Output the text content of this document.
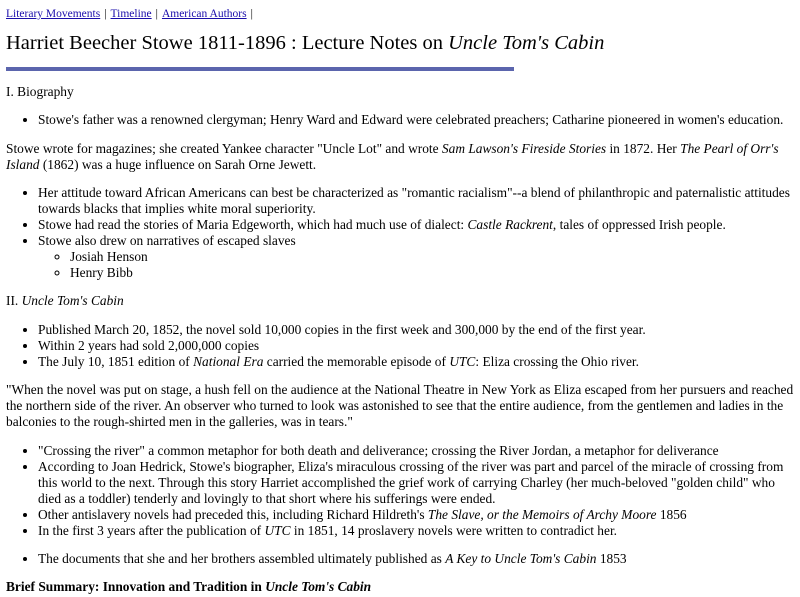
Literary Movements | Timeline | American Authors |
Harriet Beecher Stowe 1811-1896 : Lecture Notes on Uncle Tom's Cabin

I. Biography

• Stowe's father was a renowned clergyman; Henry Ward and Edward were celebrated preachers; Catharine pioneered in women's education.

Stowe wrote for magazines; she created Yankee character "Uncle Lot" and wrote Sam Lawson's Fireside Stories in 1872. Her The Pearl of Orr's Island (1862) was a huge influence on Sarah Orne Jewett.

• Her attitude toward African Americans can best be characterized as "romantic racialism"--a blend of philanthropic and paternalistic attitudes towards blacks that implies white moral superiority.
• Stowe had read the stories of Maria Edgeworth, which had much use of dialect: Castle Rackrent, tales of oppressed Irish people.
• Stowe also drew on narratives of escaped slaves
◦ Josiah Henson
◦ Henry Bibb

II. Uncle Tom's Cabin

• Published March 20, 1852, the novel sold 10,000 copies in the first week and 300,000 by the end of the first year.
• Within 2 years had sold 2,000,000 copies
• The July 10, 1851 edition of National Era carried the memorable episode of UTC: Eliza crossing the Ohio river.

"When the novel was put on stage, a hush fell on the audience at the National Theatre in New York as Eliza escaped from her pursuers and reached the northern side of the river. An observer who turned to look was astonished to see that the entire audience, from the gentlemen and ladies in the balconies to the rough-shirted men in the galleries, was in tears."

• "Crossing the river" a common metaphor for both death and deliverance; crossing the River Jordan, a metaphor for deliverance
• According to Joan Hedrick, Stowe's biographer, Eliza's miraculous crossing of the river was part and parcel of the miracle of crossing from this world to the next. Through this story Harriet accomplished the grief work of carrying Charley (her much-beloved "golden child" who died as a toddler) tenderly and lovingly to that short where his sufferings were ended.
• Other antislavery novels had preceded this, including Richard Hildreth's The Slave, or the Memoirs of Archy Moore 1856
• In the first 3 years after the publication of UTC in 1851, 14 proslavery novels were written to contradict her.
• The documents that she and her brothers assembled ultimately published as A Key to Uncle Tom's Cabin 1853

Brief Summary: Innovation and Tradition in Uncle Tom's Cabin
